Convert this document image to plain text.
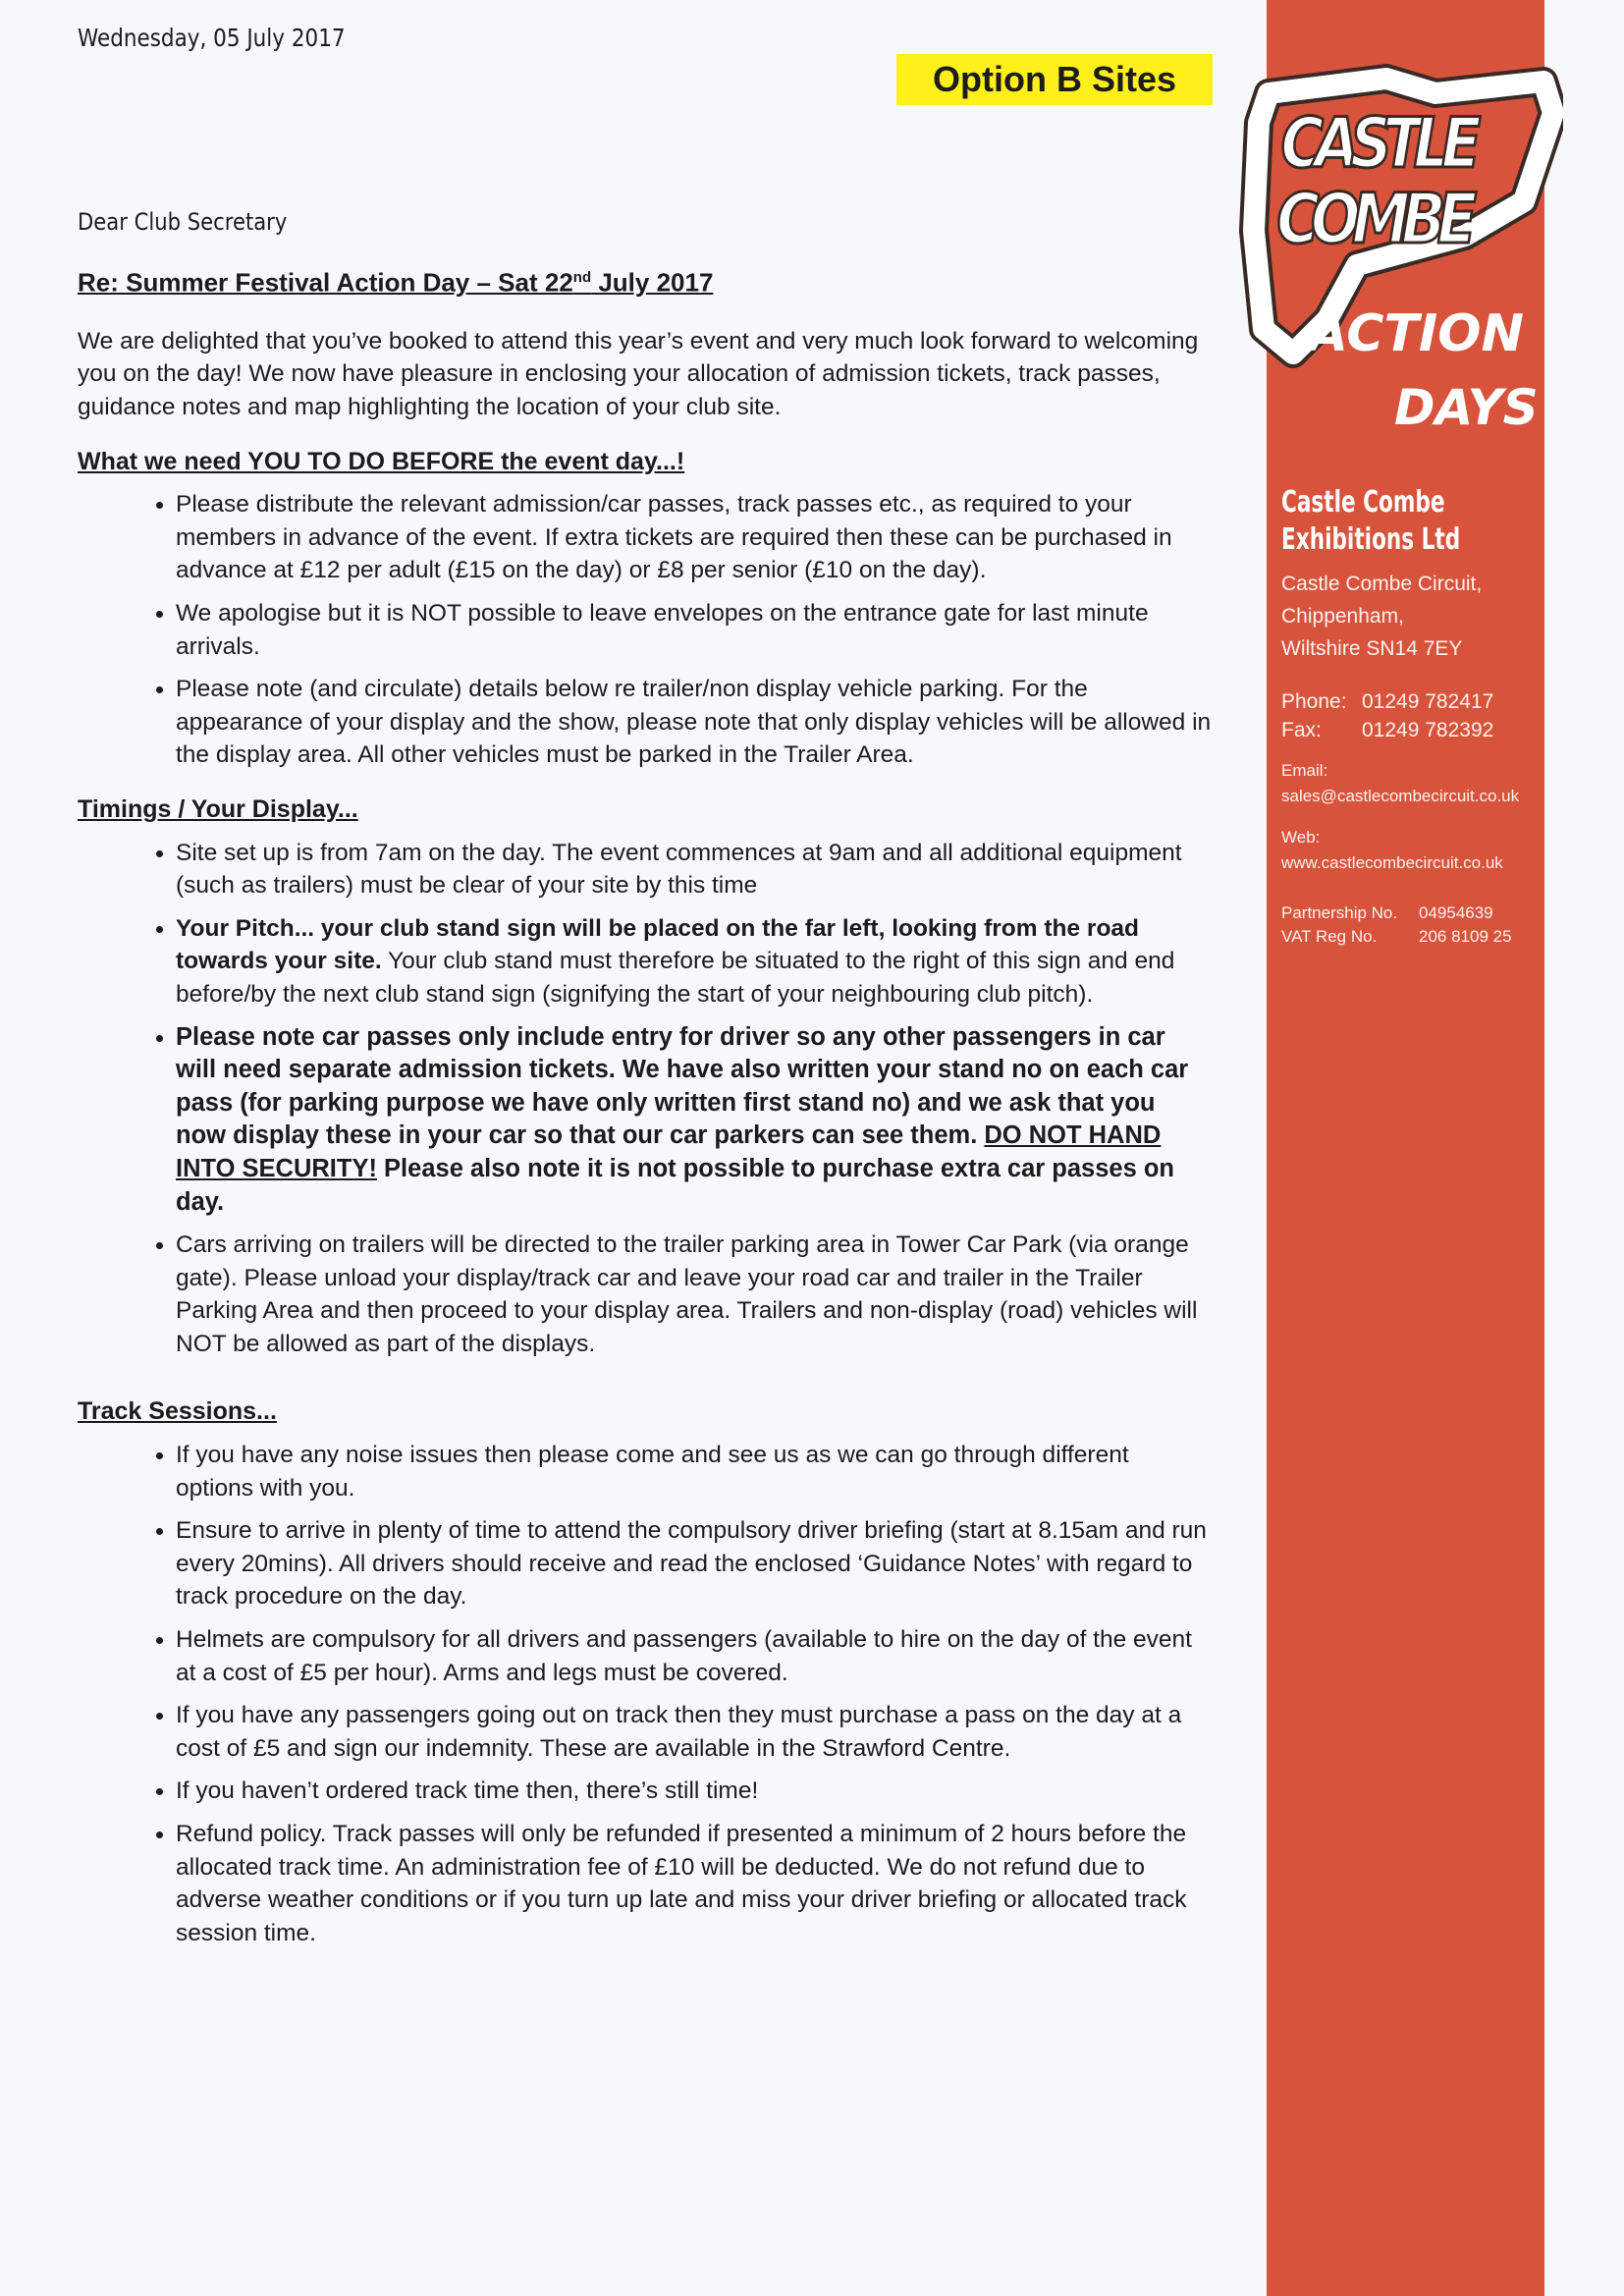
Wednesday, 05 July 2017
Option B Sites
Dear Club Secretary
Re: Summer Festival Action Day – Sat 22nd July 2017

We are delighted that you’ve booked to attend this year’s event and very much look forward to welcoming you on the day! We now have pleasure in enclosing your allocation of admission tickets, track passes, guidance notes and map highlighting the location of your club site.

What we need YOU TO DO BEFORE the event day...!
• Please distribute the relevant admission/car passes, track passes etc., as required to your members in advance of the event. If extra tickets are required then these can be purchased in advance at £12 per adult (£15 on the day) or £8 per senior (£10 on the day).
• We apologise but it is NOT possible to leave envelopes on the entrance gate for last minute arrivals.
• Please note (and circulate) details below re trailer/non display vehicle parking. For the appearance of your display and the show, please note that only display vehicles will be allowed in the display area. All other vehicles must be parked in the Trailer Area.
Timings / Your Display...
• Site set up is from 7am on the day. The event commences at 9am and all additional equipment (such as trailers) must be clear of your site by this time
• Your Pitch... your club stand sign will be placed on the far left, looking from the road towards your site. Your club stand must therefore be situated to the right of this sign and end before/by the next club stand sign (signifying the start of your neighbouring club pitch).
• Please note car passes only include entry for driver so any other passengers in car will need separate admission tickets. We have also written your stand no on each car pass (for parking purpose we have only written first stand no) and we ask that you now display these in your car so that our car parkers can see them. DO NOT HAND INTO SECURITY! Please also note it is not possible to purchase extra car passes on day.
• Cars arriving on trailers will be directed to the trailer parking area in Tower Car Park (via orange gate). Please unload your display/track car and leave your road car and trailer in the Trailer Parking Area and then proceed to your display area. Trailers and non-display (road) vehicles will NOT be allowed as part of the displays.
Track Sessions...
• If you have any noise issues then please come and see us as we can go through different options with you.
• Ensure to arrive in plenty of time to attend the compulsory driver briefing (start at 8.15am and run every 20mins). All drivers should receive and read the enclosed ‘Guidance Notes’ with regard to track procedure on the day.
• Helmets are compulsory for all drivers and passengers (available to hire on the day of the event at a cost of £5 per hour). Arms and legs must be covered.
• If you have any passengers going out on track then they must purchase a pass on the day at a cost of £5 and sign our indemnity. These are available in the Strawford Centre.
• If you haven’t ordered track time then, there’s still time!
• Refund policy. Track passes will only be refunded if presented a minimum of 2 hours before the allocated track time. An administration fee of £10 will be deducted. We do not refund due to adverse weather conditions or if you turn up late and miss your driver briefing or allocated track session time.
CASTLE
COMBE
ACTION
DAYS
Castle Combe
Exhibitions Ltd
Castle Combe Circuit,
Chippenham,
Wiltshire SN14 7EY
Phone: 01249 782417
Fax: 01249 782392
Email:
sales@castlecombecircuit.co.uk
Web:
www.castlecombecircuit.co.uk
Partnership No. 04954639
VAT Reg No.	206 8109 25
